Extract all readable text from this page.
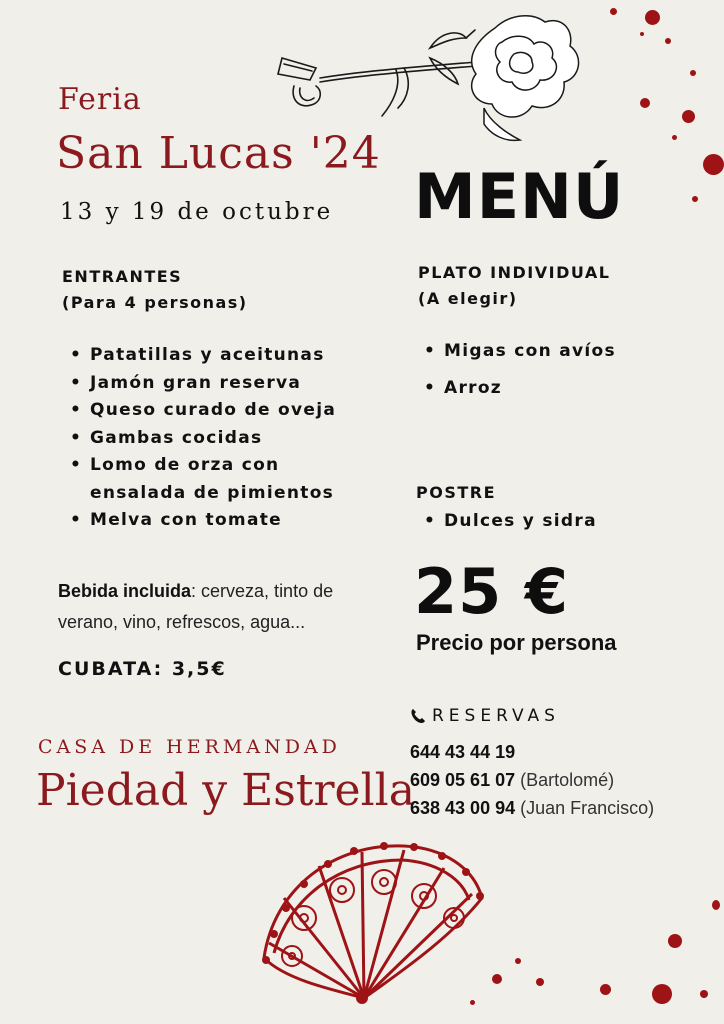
Feria
San Lucas '24
13 y 19 de octubre MENÚ
ENTRANTES
(Para 4 personas)
• Patatillas y aceitunas
• Jamón gran reserva
• Queso curado de oveja
• Gambas cocidas
• Lomo de orza con ensalada de pimientos
• Melva con tomate
PLATO INDIVIDUAL
(A elegir)
• Migas con avíos
• Arroz
POSTRE
• Dulces y sidra
Bebida incluida: cerveza, tinto de verano, vino, refrescos, agua...
CUBATA: 3,5€
25 €
Precio por persona
CASA DE HERMANDAD
Piedad y Estrella
RESERVAS
644 43 44 19
609 05 61 07 (Bartolomé)
638 43 00 94 (Juan Francisco)
